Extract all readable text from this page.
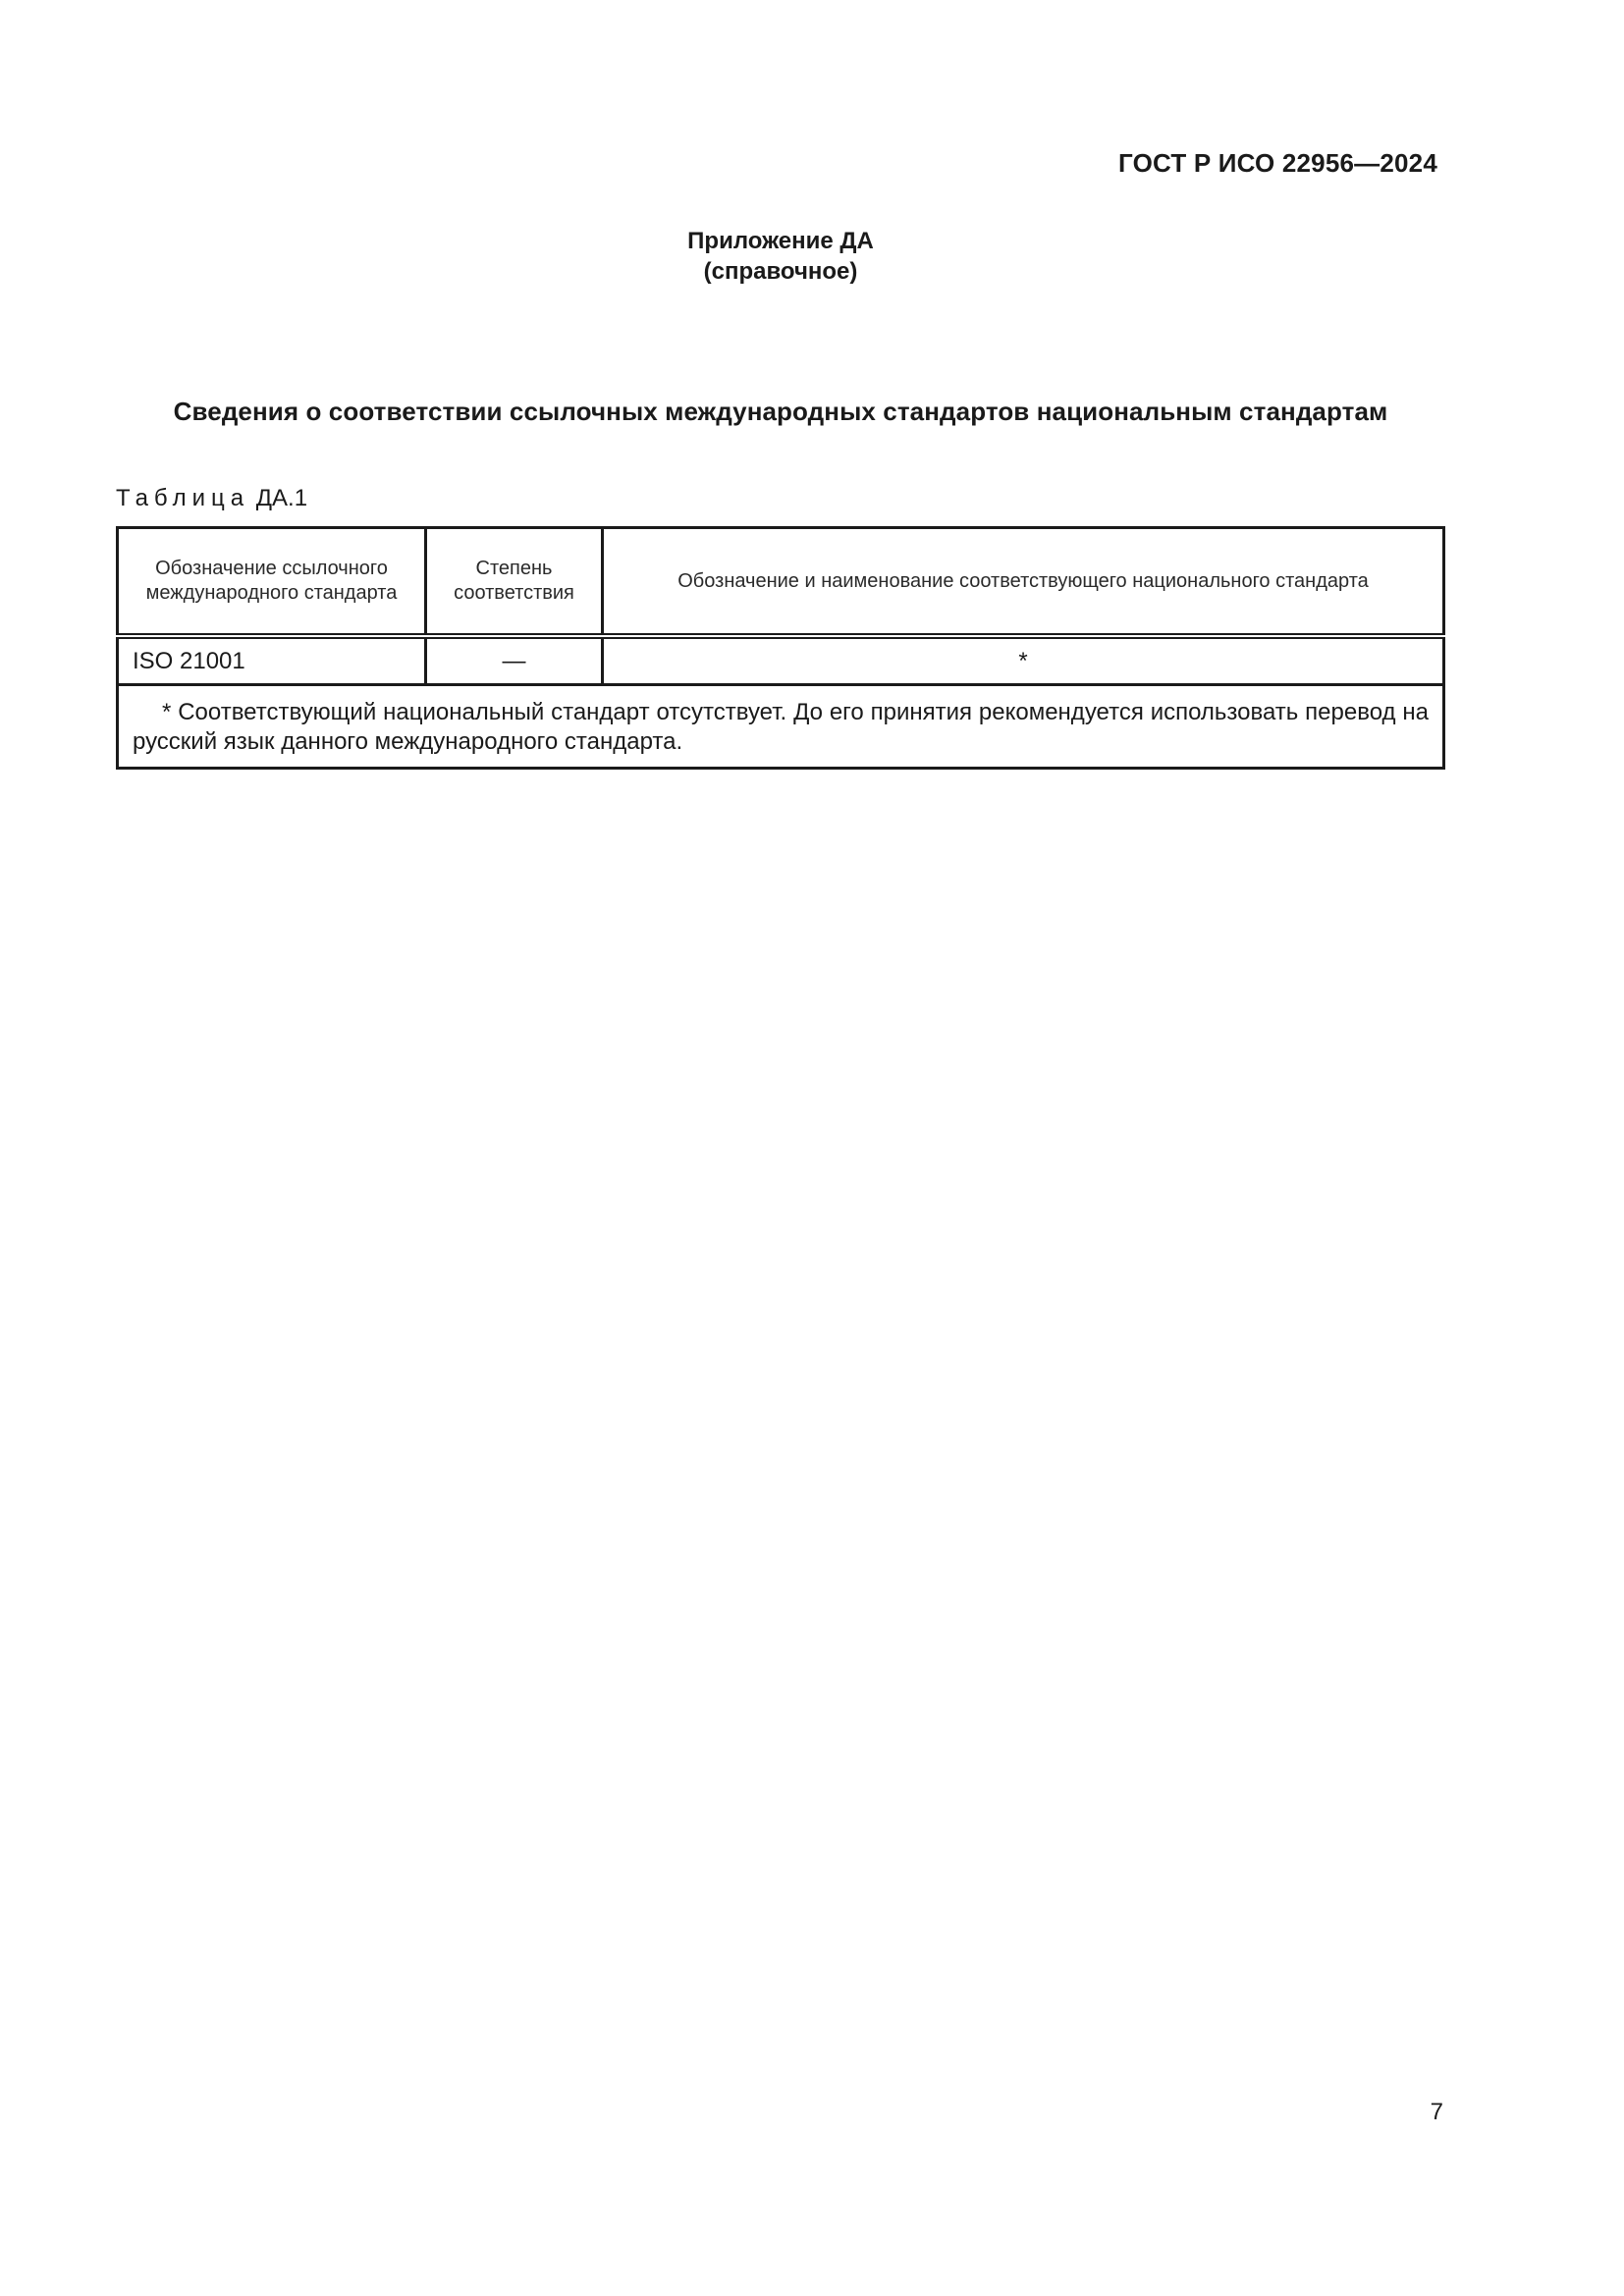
ГОСТ Р ИСО 22956—2024
Приложение ДА
(справочное)
Сведения о соответствии ссылочных международных стандартов национальным стандартам
Таблица ДА.1
Обозначение ссылочного международного стандарта	Степень соответствия	Обозначение и наименование соответствующего национального стандарта
ISO 21001	—	*
* Соответствующий национальный стандарт отсутствует. До его принятия рекомендуется использовать перевод на русский язык данного международного стандарта.		
7
